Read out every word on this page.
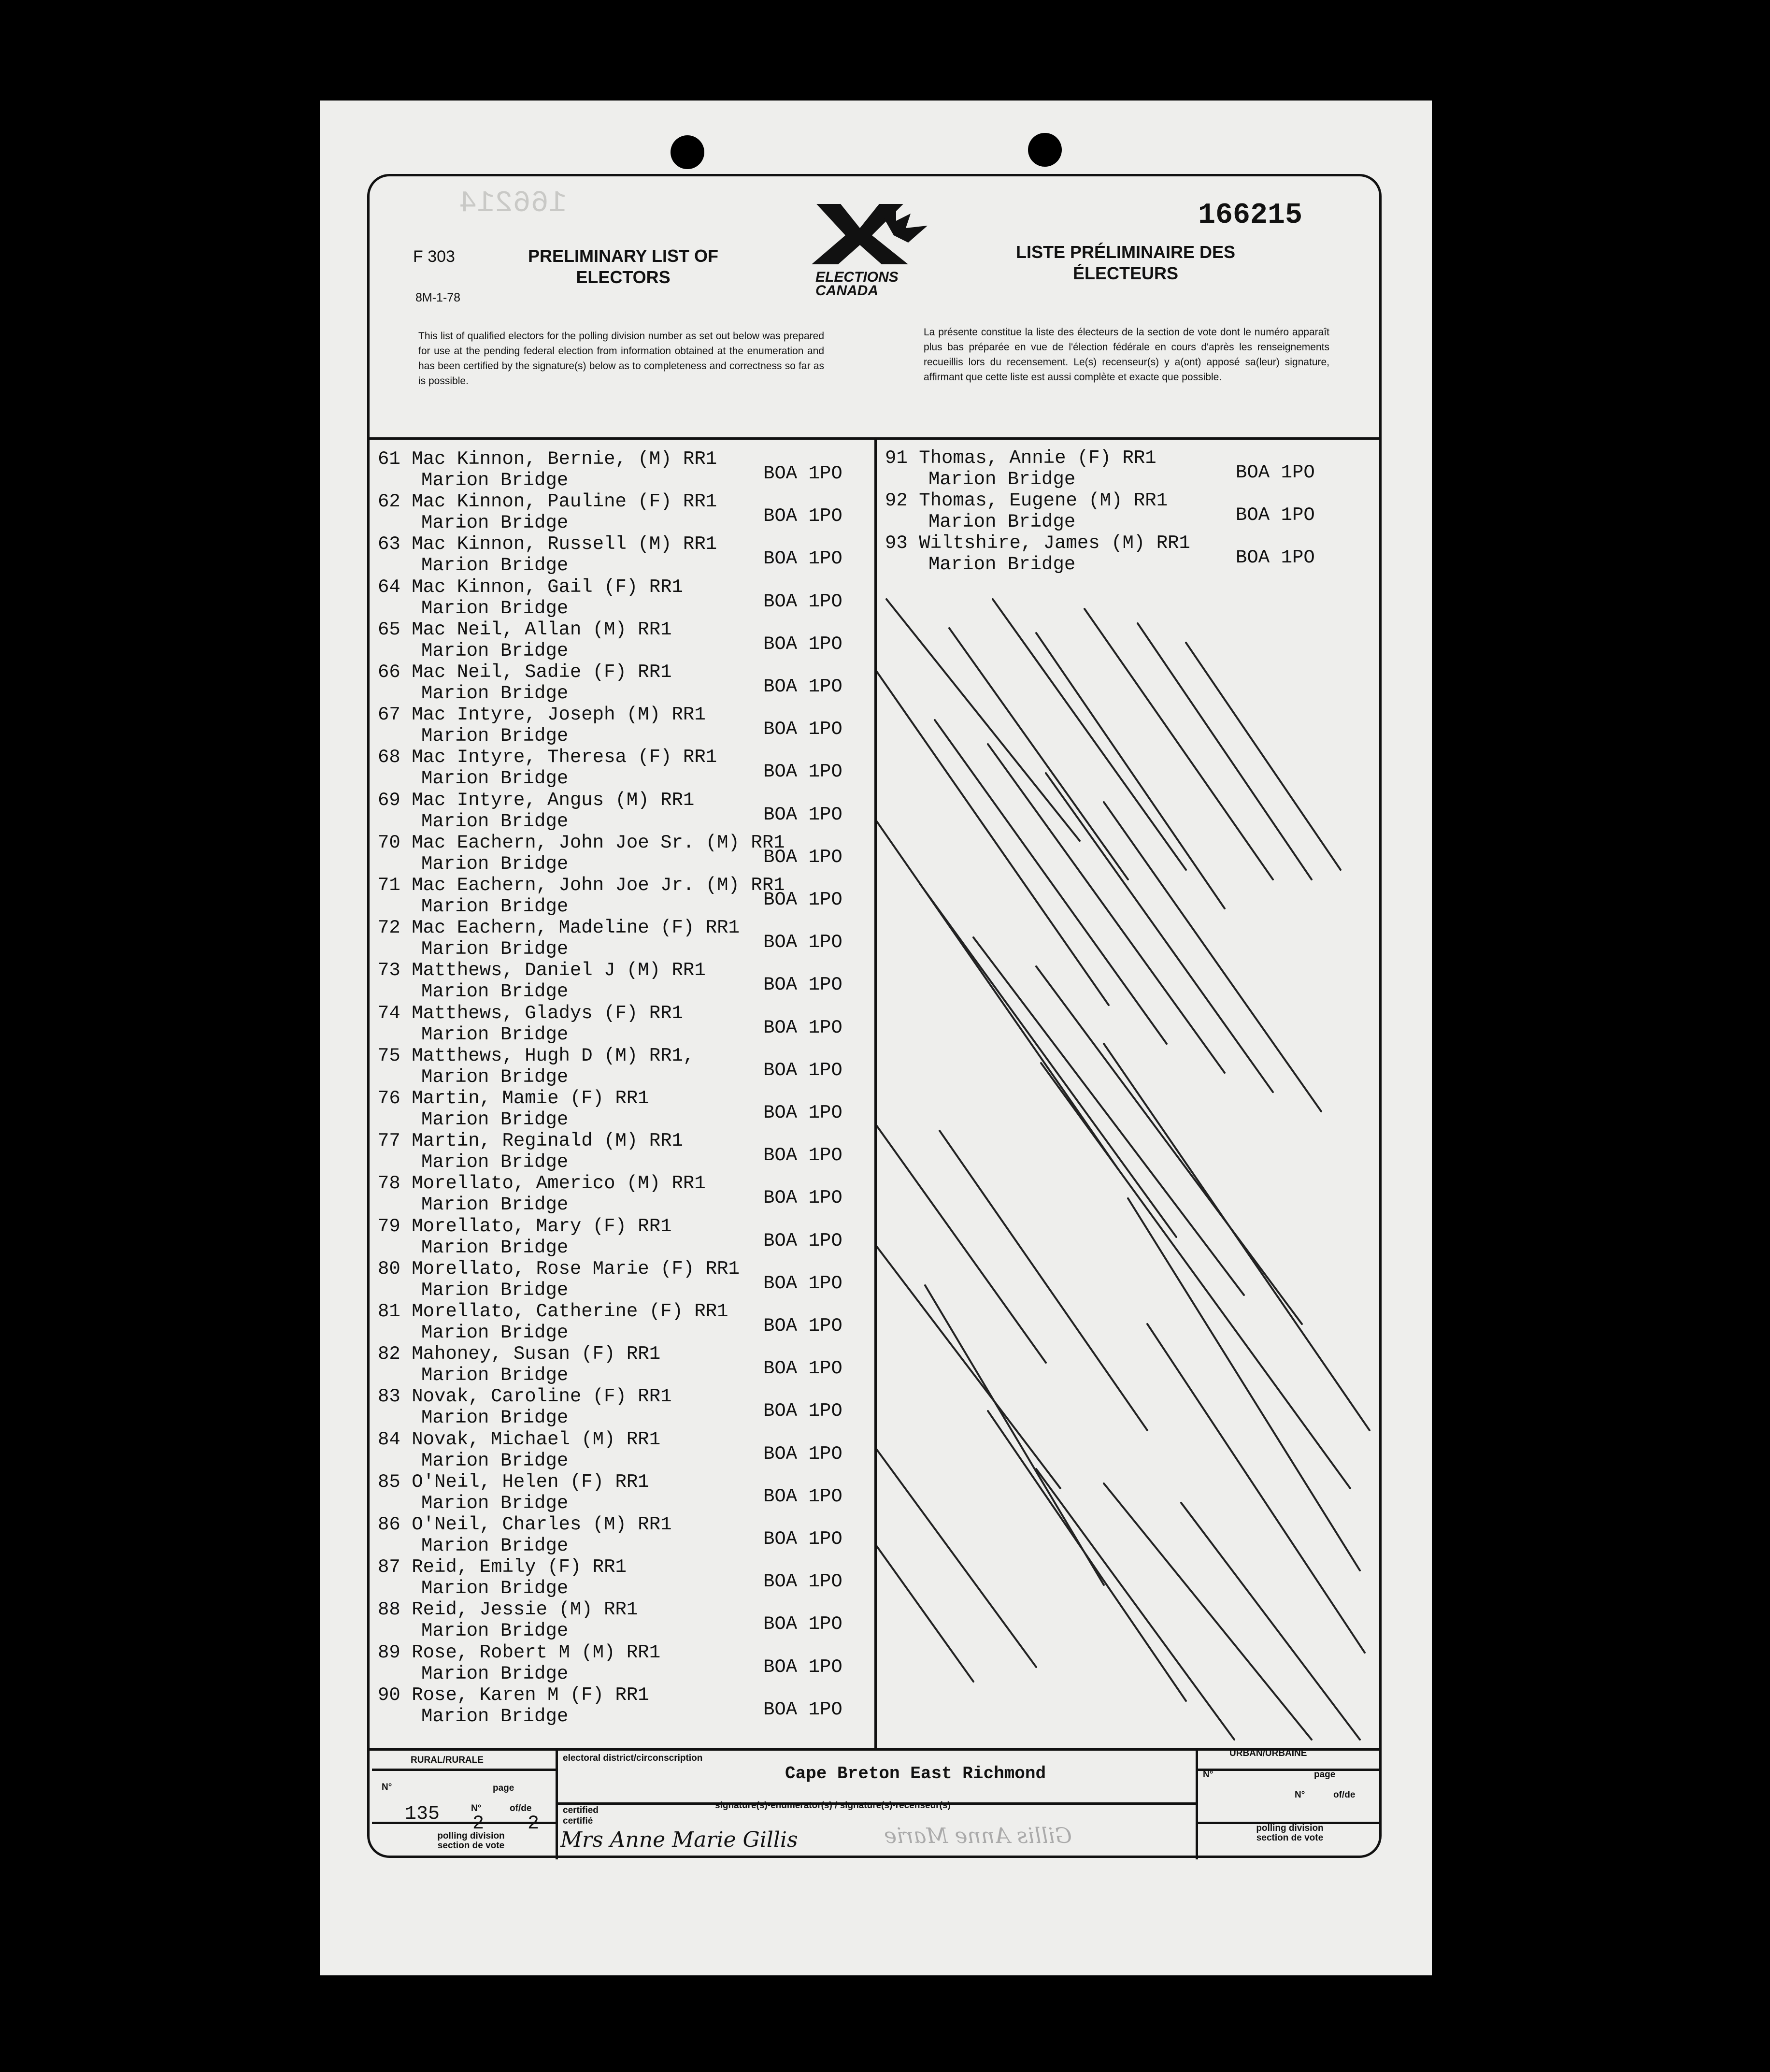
166214
F 303
8M-1-78
PRELIMINARY LIST OF ELECTORS
LISTE PRÉLIMINAIRE DES ÉLECTEURS
ELECTIONS
CANADA
166215
This list of qualified electors for the polling division number as set out below was prepared for use at the pending federal election from information obtained at the enumeration and has been certified by the signature(s) below as to completeness and correctness so far as is possible.
La présente constitue la liste des électeurs de la section de vote dont le numéro apparaît plus bas préparée en vue de l'élection fédérale en cours d'après les renseignements recueillis lors du recensement. Le(s) recenseur(s) y a(ont) apposé sa(leur) signature, affirmant que cette liste est aussi complète et exacte que possible.
61 Mac Kinnon, Bernie, (M) RR1
Marion Bridge	BOA 1PO
62 Mac Kinnon, Pauline (F) RR1
Marion Bridge	BOA 1PO
63 Mac Kinnon, Russell (M) RR1
Marion Bridge	BOA 1PO
64 Mac Kinnon, Gail (F) RR1
Marion Bridge	BOA 1PO
65 Mac Neil, Allan (M) RR1
Marion Bridge	BOA 1PO
66 Mac Neil, Sadie (F) RR1
Marion Bridge	BOA 1PO
67 Mac Intyre, Joseph (M) RR1
Marion Bridge	BOA 1PO
68 Mac Intyre, Theresa (F) RR1
Marion Bridge	BOA 1PO
69 Mac Intyre, Angus (M) RR1
Marion Bridge	BOA 1PO
70 Mac Eachern, John Joe Sr. (M) RR1
Marion Bridge	BOA 1PO
71 Mac Eachern, John Joe Jr. (M) RR1
Marion Bridge	BOA 1PO
72 Mac Eachern, Madeline (F) RR1
Marion Bridge	BOA 1PO
73 Matthews, Daniel J (M) RR1
Marion Bridge	BOA 1PO
74 Matthews, Gladys (F) RR1
Marion Bridge	BOA 1PO
75 Matthews, Hugh D (M) RR1,
Marion Bridge	BOA 1PO
76 Martin, Mamie (F) RR1
Marion Bridge	BOA 1PO
77 Martin, Reginald (M) RR1
Marion Bridge	BOA 1PO
78 Morellato, Americo (M) RR1
Marion Bridge	BOA 1PO
79 Morellato, Mary (F) RR1
Marion Bridge	BOA 1PO
80 Morellato, Rose Marie (F) RR1
Marion Bridge	BOA 1PO
81 Morellato, Catherine (F) RR1
Marion Bridge	BOA 1PO
82 Mahoney, Susan (F) RR1
Marion Bridge	BOA 1PO
83 Novak, Caroline (F) RR1
Marion Bridge	BOA 1PO
84 Novak, Michael (M) RR1
Marion Bridge	BOA 1PO
85 O'Neil, Helen (F) RR1
Marion Bridge	BOA 1PO
86 O'Neil, Charles (M) RR1
Marion Bridge	BOA 1PO
87 Reid, Emily (F) RR1
Marion Bridge	BOA 1PO
88 Reid, Jessie (M) RR1
Marion Bridge	BOA 1PO
89 Rose, Robert M (M) RR1
Marion Bridge	BOA 1PO
90 Rose, Karen M (F) RR1
Marion Bridge	BOA 1PO
91 Thomas, Annie (F) RR1
Marion Bridge	BOA 1PO
92 Thomas, Eugene (M) RR1
Marion Bridge	BOA 1PO
93 Wiltshire, James (M) RR1
Marion Bridge	BOA 1PO
RURAL/RURALE
URBAN/URBAINE
N°	page
N°	of/de
N°	page
N°	of/de
electoral district/circonscription
Cape Breton East Richmond
certified certifié
signature(s)-enumerator(s) / signature(s)-recenseur(s)
polling division section de vote
polling division section de vote
135 2 2
Mrs Anne Marie Gillis	Gillis Anne Marie
